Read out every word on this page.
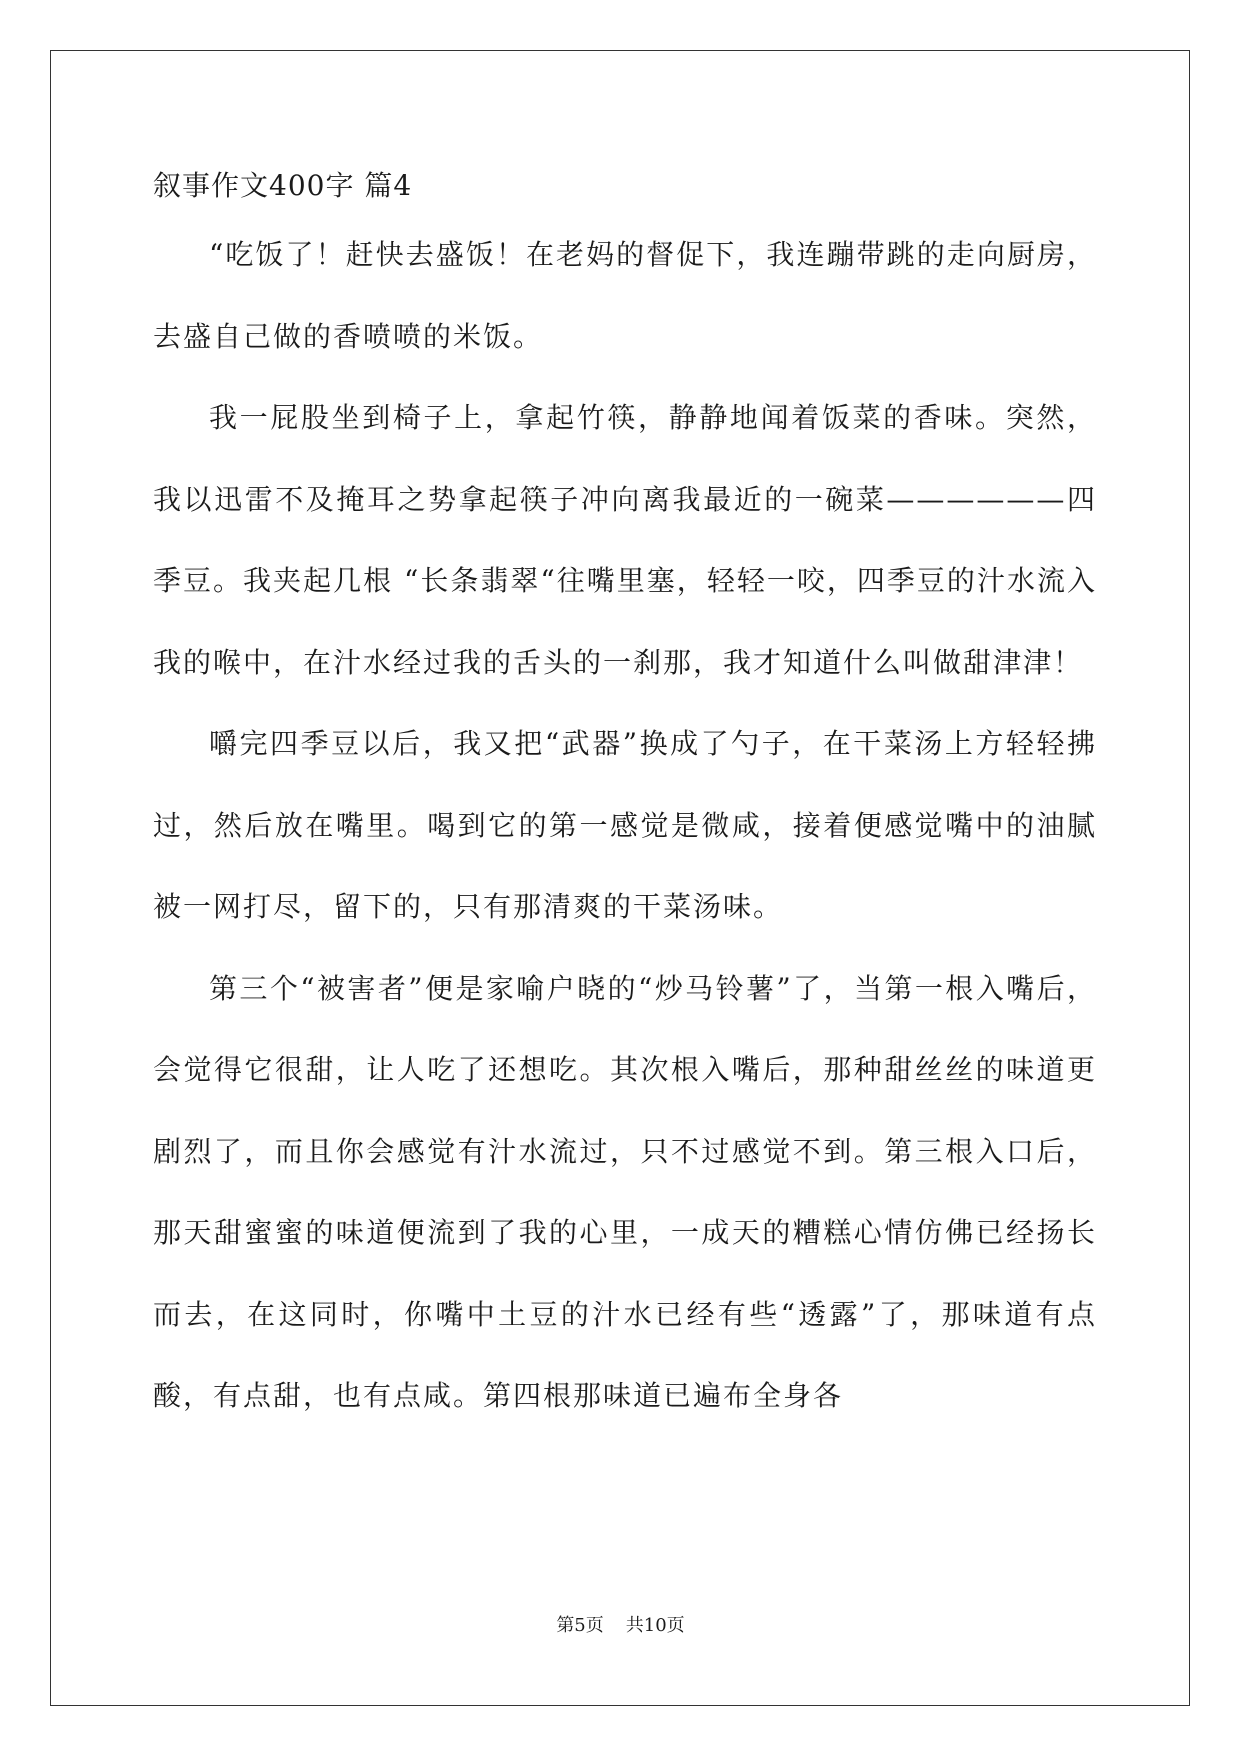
叙事作文400字 篇4

“吃饭了！赶快去盛饭！在老妈的督促下，我连蹦带跳的走向厨房，去盛自己做的香喷喷的米饭。

我一屁股坐到椅子上，拿起竹筷，静静地闻着饭菜的香味。突然，我以迅雷不及掩耳之势拿起筷子冲向离我最近的一碗菜——————四季豆。我夹起几根 “长条翡翠“往嘴里塞，轻轻一咬，四季豆的汁水流入我的喉中，在汁水经过我的舌头的一刹那，我才知道什么叫做甜津津！

嚼完四季豆以后，我又把“武器”换成了勺子，在干菜汤上方轻轻拂过，然后放在嘴里。喝到它的第一感觉是微咸，接着便感觉嘴中的油腻被一网打尽，留下的，只有那清爽的干菜汤味。

第三个“被害者”便是家喻户晓的“炒马铃薯”了，当第一根入嘴后，会觉得它很甜，让人吃了还想吃。其次根入嘴后，那种甜丝丝的味道更剧烈了，而且你会感觉有汁水流过，只不过感觉不到。第三根入口后，那天甜蜜蜜的味道便流到了我的心里，一成天的糟糕心情仿佛已经扬长而去，在这同时，你嘴中土豆的汁水已经有些“透露”了，那味道有点酸，有点甜，也有点咸。第四根那味道已遍布全身各

第5页 共10页
